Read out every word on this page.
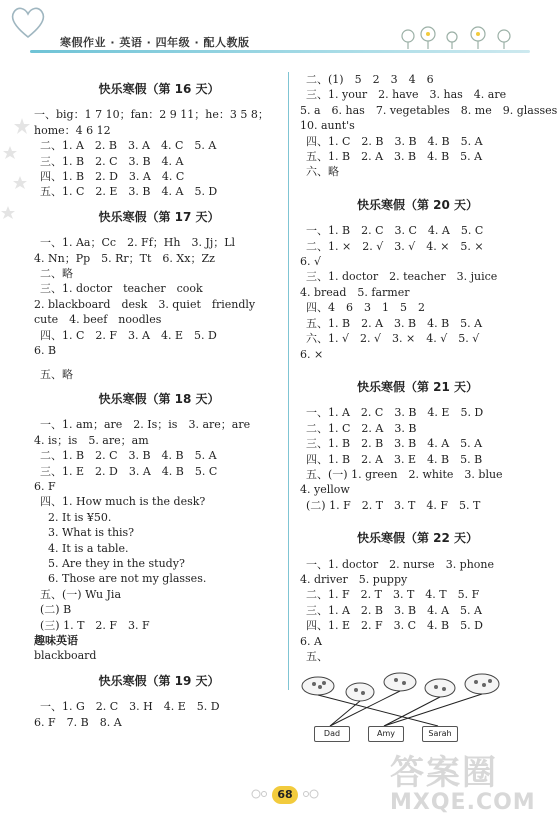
寒假作业 · 英语 · 四年级 · 配人教版
快乐寒假（第 16 天）
一、big：1 7 10；fan：2 9 11；he：3 5 8；
home：4 6 12
二、1. A　2. B　3. A　4. C　5. A
三、1. B　2. C　3. B　4. A
四、1. B　2. D　3. A　4. C
五、1. C　2. E　3. B　4. A　5. D
快乐寒假（第 17 天）
一、1. Aa；Cc　2. Ff；Hh　3. Jj；Ll
4. Nn；Pp　5. Rr；Tt　6. Xx；Zz
二、略
三、1. doctor　teacher　cook
2. blackboard　desk　3. quiet　friendly
cute　4. beef　noodles
四、1. C　2. F　3. A　4. E　5. D
6. B
五、略
快乐寒假（第 18 天）
一、1. am；are　2. Is；is　3. are；are
4. is；is　5. are；am
二、1. B　2. C　3. B　4. B　5. A
三、1. E　2. D　3. A　4. B　5. C
6. F
四、1. How much is the desk?
2. It is ¥50.
3. What is this?
4. It is a table.
5. Are they in the study?
6. Those are not my glasses.
五、(一) Wu Jia
(二) B
(三) 1. T　2. F　3. F
趣味英语
blackboard
快乐寒假（第 19 天）
一、1. G　2. C　3. H　4. E　5. D
6. F　7. B　8. A
二、(1)　5　2　3　4　6
三、1. your　2. have　3. has　4. are
5. a　6. has　7. vegetables　8. me　9. glasses
10. aunt's
四、1. C　2. B　3. B　4. B　5. A
五、1. B　2. A　3. B　4. B　5. A
六、略
快乐寒假（第 20 天）
一、1. B　2. C　3. C　4. A　5. C
二、1. ×　2. √　3. √　4. ×　5. ×
6. √
三、1. doctor　2. teacher　3. juice
4. bread　5. farmer
四、4　6　3　1　5　2
五、1. B　2. A　3. B　4. B　5. A
六、1. √　2. √　3. ×　4. √　5. √
6. ×
快乐寒假（第 21 天）
一、1. A　2. C　3. B　4. E　5. D
二、1. C　2. A　3. B
三、1. B　2. B　3. B　4. A　5. A
四、1. B　2. A　3. E　4. B　5. B
五、(一) 1. green　2. white　3. blue
4. yellow
(二) 1. F　2. T　3. T　4. F　5. T
快乐寒假（第 22 天）
一、1. doctor　2. nurse　3. phone
4. driver　5. puppy
二、1. F　2. T　3. T　4. T　5. F
三、1. A　2. B　3. B　4. A　5. A
四、1. E　2. F　3. C　4. B　5. D
6. A
五、
Dad	Amy	Sarah
68
答案圈
MXQE.COM
